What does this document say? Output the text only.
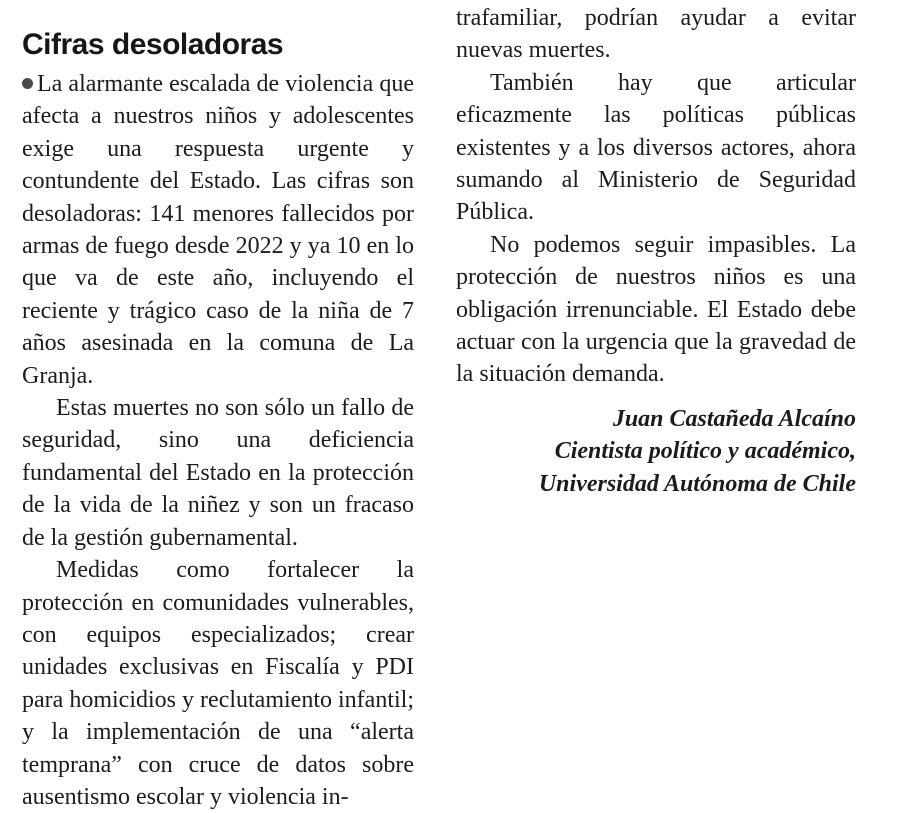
Cifras desoladoras

La alarmante escalada de violencia que afecta a nuestros niños y adolescentes exige una respuesta urgente y contundente del Estado. Las cifras son desoladoras: 141 menores fallecidos por armas de fuego desde 2022 y ya 10 en lo que va de este año, incluyendo el reciente y trágico caso de la niña de 7 años asesinada en la comuna de La Granja.

Estas muertes no son sólo un fallo de seguridad, sino una deficiencia fundamental del Estado en la protección de la vida de la niñez y son un fracaso de la gestión gubernamental.

Medidas como fortalecer la protección en comunidades vulnerables, con equipos especializados; crear unidades exclusivas en Fiscalía y PDI para homicidios y reclutamiento infantil; y la implementación de una “alerta temprana” con cruce de datos sobre ausentismo escolar y violencia in-

trafamiliar, podrían ayudar a evitar nuevas muertes.

También hay que articular eficazmente las políticas públicas existentes y a los diversos actores, ahora sumando al Ministerio de Seguridad Pública.

No podemos seguir impasibles. La protección de nuestros niños es una obligación irrenunciable. El Estado debe actuar con la urgencia que la gravedad de la situación demanda.

Juan Castañeda Alcaíno

Cientista político y académico,

Universidad Autónoma de Chile
